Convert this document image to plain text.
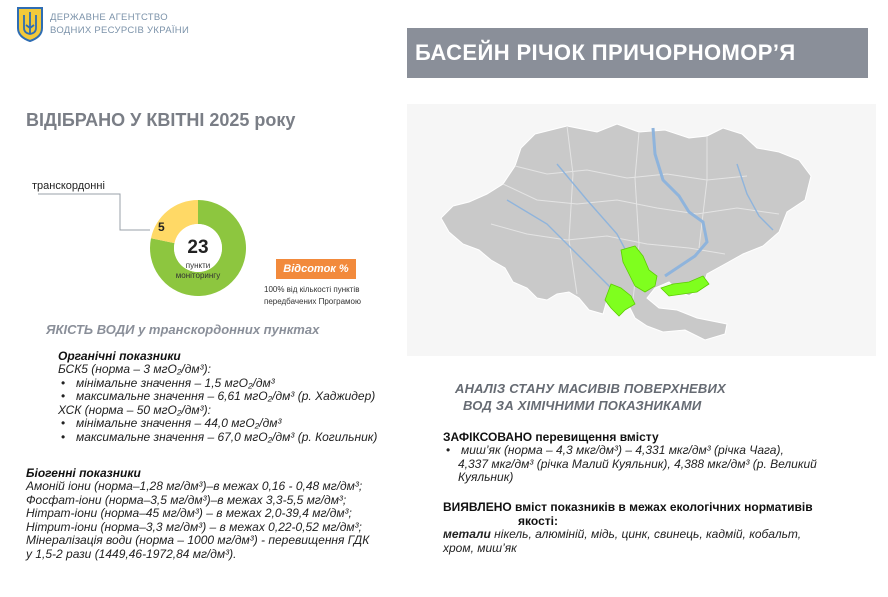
ДЕРЖАВНЕ АГЕНТСТВО
ВОДНИХ РЕСУРСІВ УКРАЇНИ
БАСЕЙН РІЧОК ПРИЧОРНОМОР’Я
ВІДІБРАНО У КВІТНІ 2025 року
транскордонні
5
23
пункти
моніторингу
Відсоток %
100% від кількості пунктів
передбачених Програмою
ЯКІСТЬ ВОДИ у транскордонних пунктах
Органічні показники
БСК5 (норма – 3 мгО₂/дм³):
• мінімальне значення – 1,5 мгО₂/дм³
• максимальне значення – 6,61 мгО₂/дм³ (р. Хаджидер)
ХСК (норма – 50 мгО₂/дм³):
• мінімальне значення – 44,0 мгО₂/дм³
• максимальне значення – 67,0 мгО₂/дм³ (р. Когильник)
Біогенні показники
Амоній іони (норма–1,28 мг/дм³)–в межах 0,16 - 0,48 мг/дм³;
Фосфат-іони (норма–3,5 мг/дм³)–в межах 3,3-5,5 мг/дм³;
Нітрат-іони (норма–45 мг/дм³) – в межах 2,0-39,4 мг/дм³;
Нітрит-іони (норма–3,3 мг/дм³) – в межах 0,22-0,52 мг/дм³;
Мінералізація води (норма – 1000 мг/дм³) - перевищення ГДК
у 1,5-2 рази (1449,46-1972,84 мг/дм³).
АНАЛІЗ СТАНУ МАСИВІВ ПОВЕРХНЕВИХ
ВОД ЗА ХІМІЧНИМИ ПОКАЗНИКАМИ
ЗАФІКСОВАНО перевищення вмісту
• миш’як (норма – 4,3 мкг/дм³) – 4,331 мкг/дм³ (річка Чага),
4,337 мкг/дм³ (річка Малий Куяльник), 4,388 мкг/дм³ (р. Великий
Куяльник)
ВИЯВЛЕНО вміст показників в межах екологічних нормативів
якості:
метали нікель, алюміній, мідь, цинк, свинець, кадмій, кобальт,
хром, миш’як
